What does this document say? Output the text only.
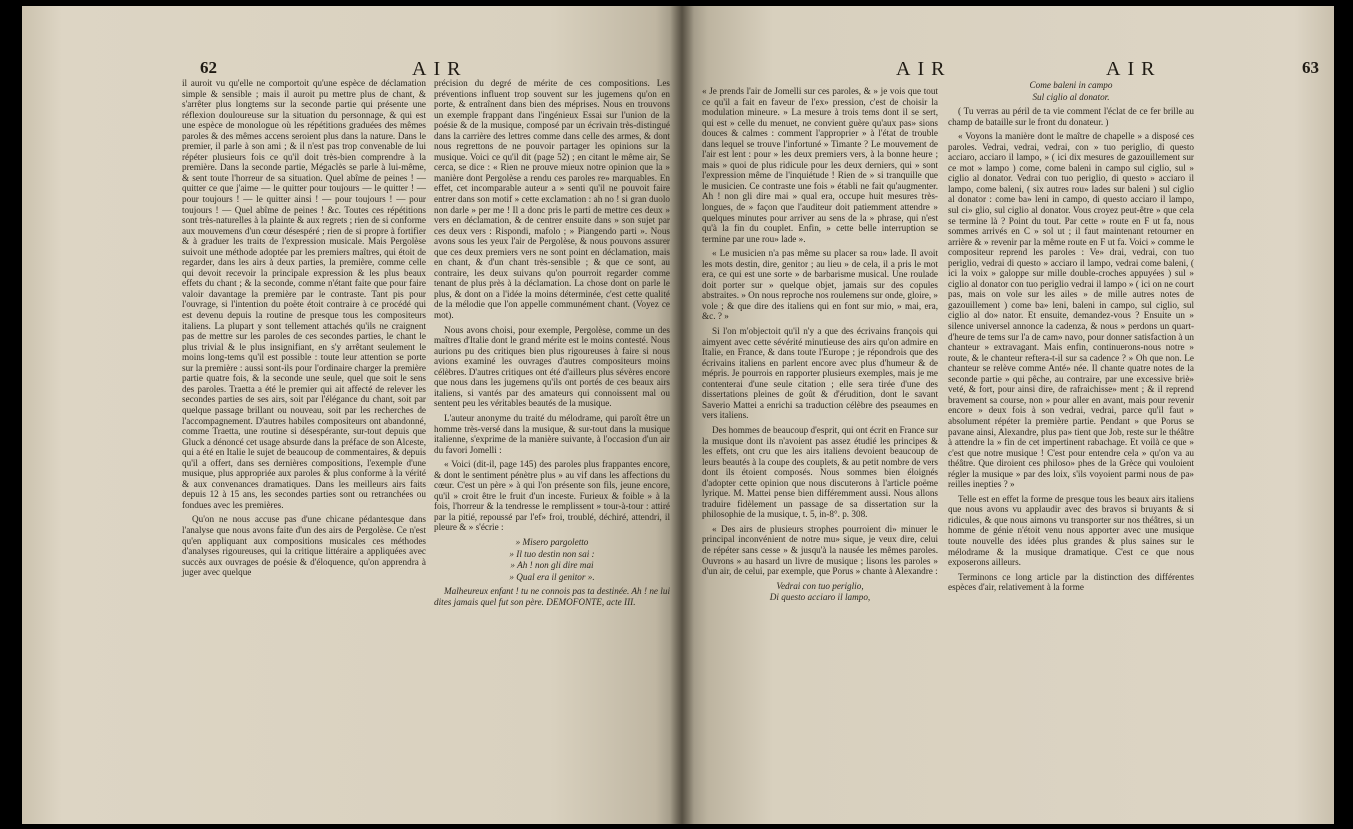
62	AIR

il auroit vu qu'elle ne comportoit qu'une espèce de déclamation simple & sensible ; mais il auroit pu mettre plus de chant, & s'arrêter plus longtems sur la seconde partie qui présente une réflexion douloureuse sur la situation du personnage, & qui est une espèce de monologue où les répétitions graduées des mêmes paroles & des mêmes accens seroient plus dans la nature. Dans le premier, il parle à son ami ; & il n'est pas trop convenable de lui répéter plusieurs fois ce qu'il doit très-bien comprendre à la première. Dans la seconde partie, Mégaclès se parle à lui-même, & sent toute l'horreur de sa situation. Quel abîme de peines ! — quitter ce que j'aime — le quitter pour toujours — le quitter ! — pour toujours ! — le quitter ainsi ! — pour toujours ! — pour toujours ! — Quel abîme de peines ! &c. Toutes ces répétitions sont très-naturelles à la plainte & aux regrets ; rien de si conforme aux mouvemens d'un cœur désespéré ; rien de si propre à fortifier & à graduer les traits de l'expression musicale. Mais Pergolèse suivoit une méthode adoptée par les premiers maîtres, qui étoit de regarder, dans les airs à deux parties, la première, comme celle qui devoit recevoir la principale expression & les plus beaux effets du chant ; & la seconde, comme n'étant faite que pour faire valoir davantage la première par le contraste. Tant pis pour l'ouvrage, si l'intention du poëte étoit contraire à ce procédé qui est devenu depuis la routine de presque tous les compositeurs italiens. La plupart y sont tellement attachés qu'ils ne craignent pas de mettre sur les paroles de ces secondes parties, le chant le plus trivial & le plus insignifiant, en s'y arrêtant seulement le moins long-tems qu'il est possible : toute leur attention se porte sur la première : aussi sont-ils pour l'ordinaire charger la première partie quatre fois, & la seconde une seule, quel que soit le sens des paroles. Traetta a été le premier qui ait affecté de relever les secondes parties de ses airs, soit par l'élégance du chant, soit par quelque passage brillant ou nouveau, soit par les recherches de l'accompagnement. D'autres habiles compositeurs ont abandonné, comme Traetta, une routine si désespérante, sur-tout depuis que Gluck a dénoncé cet usage absurde dans la préface de son Alceste, qui a été en Italie le sujet de beaucoup de commentaires, & depuis qu'il a offert, dans ses dernières compositions, l'exemple d'une musique, plus appropriée aux paroles & plus conforme à la vérité & aux convenances dramatiques. Dans les meilleurs airs faits depuis 12 à 15 ans, les secondes parties sont ou retranchées ou fondues avec les premières.

Qu'on ne nous accuse pas d'une chicane pédantesque dans l'analyse que nous avons faite d'un des airs de Pergolèse. Ce n'est qu'en appliquant aux compositions musicales ces méthodes d'analyses rigoureuses, qui la critique littéraire a appliquées avec succès aux ouvrages de poésie & d'éloquence, qu'on apprendra à juger avec quelque

précision du degré de mérite de ces compositions. Les préventions influent trop souvent sur les jugemens qu'on en porte, & entraînent dans bien des méprises. Nous en trouvons un exemple frappant dans l'ingénieux Essai sur l'union de la poésie & de la musique, composé par un écrivain très-distingué dans la carrière des lettres comme dans celle des armes, & dont nous regrettons de ne pouvoir partager les opinions sur la musique. Voici ce qu'il dit (page 52) ; en citant le même air, Se cerca, se dice : « Rien ne prouve mieux notre opinion que la » manière dont Pergolèse a rendu ces paroles re» marquables. En effet, cet incomparable auteur a » senti qu'il ne pouvoit faire entrer dans son motif » cette exclamation : ah no ! si gran duolo non darle » per me ! Il a donc pris le parti de mettre ces deux » vers en déclamation, & de centrer ensuite dans » son sujet par ces deux vers : Rispondi, mafolo ; » Piangendo parti ». Nous avons sous les yeux l'air de Pergolèse, & nous pouvons assurer que ces deux premiers vers ne sont point en déclamation, mais en chant, & d'un chant très-sensible ; & que ce sont, au contraire, les deux suivans qu'on pourroit regarder comme tenant de plus près à la déclamation. La chose dont on parle le plus, & dont on a l'idée la moins déterminée, c'est cette qualité de la mélodie que l'on appelle communément chant. (Voyez ce mot).

Nous avons choisi, pour exemple, Pergolèse, comme un des maîtres d'Italie dont le grand mérite est le moins contesté. Nous aurions pu des critiques bien plus rigoureuses à faire si nous avions examiné les ouvrages d'autres compositeurs moins célèbres. D'autres critiques ont été d'ailleurs plus sévères encore que nous dans les jugemens qu'ils ont portés de ces beaux airs italiens, si vantés par des amateurs qui connoissent mal ou sentent peu les véritables beautés de la musique.

L'auteur anonyme du traité du mélodrame, qui paroît être un homme très-versé dans la musique, & sur-tout dans la musique italienne, s'exprime de la manière suivante, à l'occasion d'un air du favori Jomelli :

« Voici (dit-il, page 145) des paroles plus frappantes encore, & dont le sentiment pénètre plus » au vif dans les affections du cœur. C'est un père » à qui l'on présente son fils, jeune encore, qu'il » croit être le fruit d'un inceste. Furieux & foible » à la fois, l'horreur & la tendresse le remplissent » tour-à-tour : attiré par la pitié, repoussé par l'ef» froi, troublé, déchiré, attendri, il pleure & » s'écrie :

» Misero pargoletto
» Il tuo destin non sai :
» Ah ! non gli dire mai
» Qual era il genitor ».

Malheureux enfant ! tu ne connois pas ta destinée. Ah ! ne lui dites jamais quel fut son père. DEMOFONTE, acte III.

AIR	AIR	63

« Je prends l'air de Jomelli sur ces paroles, & » je vois que tout ce qu'il a fait en faveur de l'ex» pression, c'est de choisir la modulation mineure. » La mesure à trois tems dont il se sert, qui est » celle du menuet, ne convient guère qu'aux pas» sions douces & calmes : comment l'approprier » à l'état de trouble dans lequel se trouve l'infortuné » Timante ? Le mouvement de l'air est lent : pour » les deux premiers vers, à la bonne heure ; mais » quoi de plus ridicule pour les deux derniers, qui » sont l'expression même de l'inquiétude ! Rien de » si tranquille que le musicien. Ce contraste une fois » établi ne fait qu'augmenter. Ah ! non gli dire mai » qual era, occupe huit mesures très-longues, de » façon que l'auditeur doit patiemment attendre » quelques minutes pour arriver au sens de la » phrase, qui n'est qu'à la fin du couplet. Enfin, » cette belle interruption se termine par une rou» lade ».

« Le musicien n'a pas même su placer sa rou» lade. Il avoit les mots destin, dire, genitor ; au lieu » de cela, il a pris le mot era, ce qui est une sorte » de barbarisme musical. Une roulade doit porter sur » quelque objet, jamais sur des copules abstraites. » On nous reproche nos roulemens sur onde, gloire, » vole ; & que dire des italiens qui en font sur mio, » mai, era, &c. ? »

Si l'on m'objectoit qu'il n'y a que des écrivains françois qui aimyent avec cette sévérité minutieuse des airs qu'on admire en Italie, en France, & dans toute l'Europe ; je répondrois que des écrivains italiens en parlent encore avec plus d'humeur & de mépris. Je pourrois en rapporter plusieurs exemples, mais je me contenterai d'une seule citation ; elle sera tirée d'une des dissertations pleines de goût & d'érudition, dont le savant Saverio Mattei a enrichi sa traduction célèbre des pseaumes en vers italiens.

Des hommes de beaucoup d'esprit, qui ont écrit en France sur la musique dont ils n'avoient pas assez étudié les principes & les effets, ont cru que les airs italiens devoient beaucoup de leurs beautés à la coupe des couplets, & au petit nombre de vers dont ils étoient composés. Nous sommes bien éloignés d'adopter cette opinion que nous discuterons à l'article poëme lyrique. M. Mattei pense bien différemment aussi. Nous allons traduire fidèlement un passage de sa dissertation sur la philosophie de la musique, t. 5, in-8°. p. 308.

« Des airs de plusieurs strophes pourroient di» minuer le principal inconvénient de notre mu» sique, je veux dire, celui de répéter sans cesse » & jusqu'à la nausée les mêmes paroles. Ouvrons » au hasard un livre de musique ; lisons les paroles » d'un air, de celui, par exemple, que Porus » chante à Alexandre :

Vedrai con tuo periglio,
Di questo acciaro il lampo,
Come baleni in campo
Sul ciglio al donator.

( Tu verras au péril de ta vie comment l'éclat de ce fer brille au champ de bataille sur le front du donateur. )

« Voyons la manière dont le maître de chapelle » a disposé ces paroles. Vedrai, vedrai, vedrai, con » tuo periglio, di questo acciaro, acciaro il lampo, » ( ici dix mesures de gazouillement sur ce mot » lampo ) come, come baleni in campo sul ciglio, sul » ciglio al donator. Vedrai con tuo periglio, di questo » acciaro il lampo, come baleni, ( six autres rou» lades sur baleni ) sul ciglio al donator : come ba» leni in campo, di questo acciaro il lampo, sul ci» glio, sul ciglio al donator. Vous croyez peut-être » que cela se termine là ? Point du tout. Par cette » route en F ut fa, nous sommes arrivés en C » sol ut ; il faut maintenant retourner en arrière & » revenir par la même route en F ut fa. Voici » comme le compositeur reprend les paroles : Ve» drai, vedrai, con tuo periglio, vedrai di questo » acciaro il lampo, vedrai come baleni, ( ici la voix » galoppe sur mille double-croches appuyées ) sul » ciglio al donator con tuo periglio vedrai il lampo » ( ici on ne court pas, mais on vole sur les ailes » de mille autres notes de gazouillement ) come ba» leni, baleni in campo, sul ciglio, sul ciglio al do» nator. Et ensuite, demandez-vous ? Ensuite un » silence universel annonce la cadenza, & nous » perdons un quart-d'heure de tems sur l'a de cam» navo, pour donner satisfaction à un chanteur » extravagant. Mais enfin, continuerons-nous notre » route, & le chanteur reftera-t-il sur sa cadence ? » Oh que non. Le chanteur se relève comme Anté» née. Il chante quatre notes de la seconde partie » qui pêche, au contraire, par une excessive briè» veté, & fort, pour ainsi dire, de rafraichisse» ment ; & il reprend bravement sa course, non » pour aller en avant, mais pour revenir encore » deux fois à son vedrai, vedrai, parce qu'il faut » absolument répéter la première partie. Pendant » que Porus se pavane ainsi, Alexandre, plus pa» tient que Job, reste sur le théâtre à attendre la » fin de cet impertinent rabachage. Et voilà ce que » c'est que notre musique ! C'est pour entendre cela » qu'on va au théâtre. Que diroient ces philoso» phes de la Grèce qui vouloient régler la musique » par des loix, s'ils voyoient parmi nous de pa» reilles inepties ? »

Telle est en effet la forme de presque tous les beaux airs italiens que nous avons vu applaudir avec des bravos si bruyants & si ridicules, & que nous aimons vu transporter sur nos théâtres, si un homme de génie n'étoit venu nous apporter avec une musique toute nouvelle des idées plus grandes & plus saines sur le mélodrame & la musique dramatique. C'est ce que nous exposerons ailleurs.

Terminons ce long article par la distinction des différentes espèces d'air, relativement à la forme
